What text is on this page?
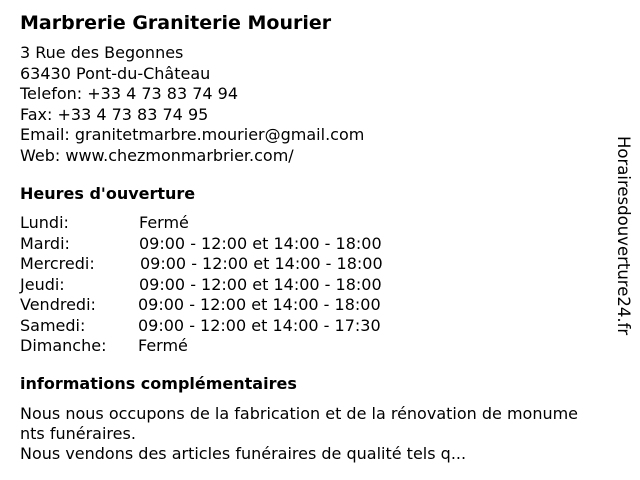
Marbrerie Graniterie Mourier
3 Rue des Begonnes
63430 Pont-du-Château
Telefon: +33 4 73 83 74 94
Fax: +33 4 73 83 74 95
Email: granitetmarbre.mourier@gmail.com
Web: www.chezmonmarbrier.com/
Heures d'ouverture
Lundi:	Fermé
Mardi:	09:00 - 12:00 et 14:00 - 18:00
Mercredi:	09:00 - 12:00 et 14:00 - 18:00
Jeudi:	09:00 - 12:00 et 14:00 - 18:00
Vendredi:	09:00 - 12:00 et 14:00 - 18:00
Samedi:	09:00 - 12:00 et 14:00 - 17:30
Dimanche: Fermé
informations complémentaires
Nous nous occupons de la fabrication et de la rénovation de monume
nts funéraires.
Nous vendons des articles funéraires de qualité tels q...
Horairesdouverture24.fr
